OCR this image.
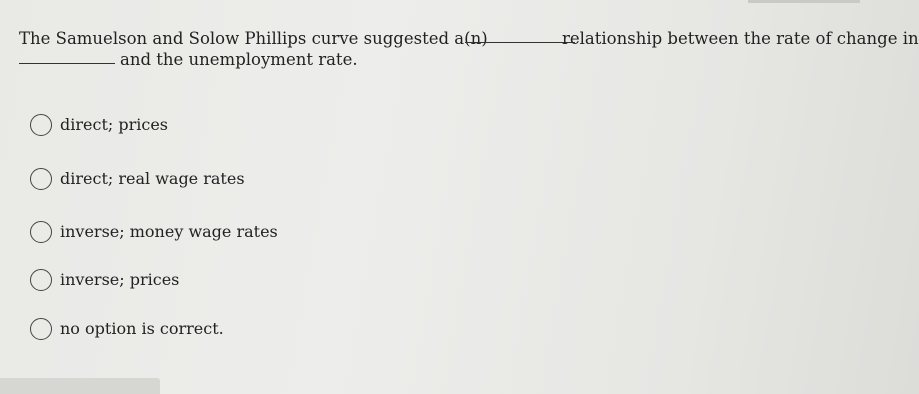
The Samuelson and Solow Phillips curve suggested a(n)	relationship between the rate of change in
and the unemployment rate.
direct; prices
direct; real wage rates
inverse; money wage rates
inverse; prices
no option is correct.
